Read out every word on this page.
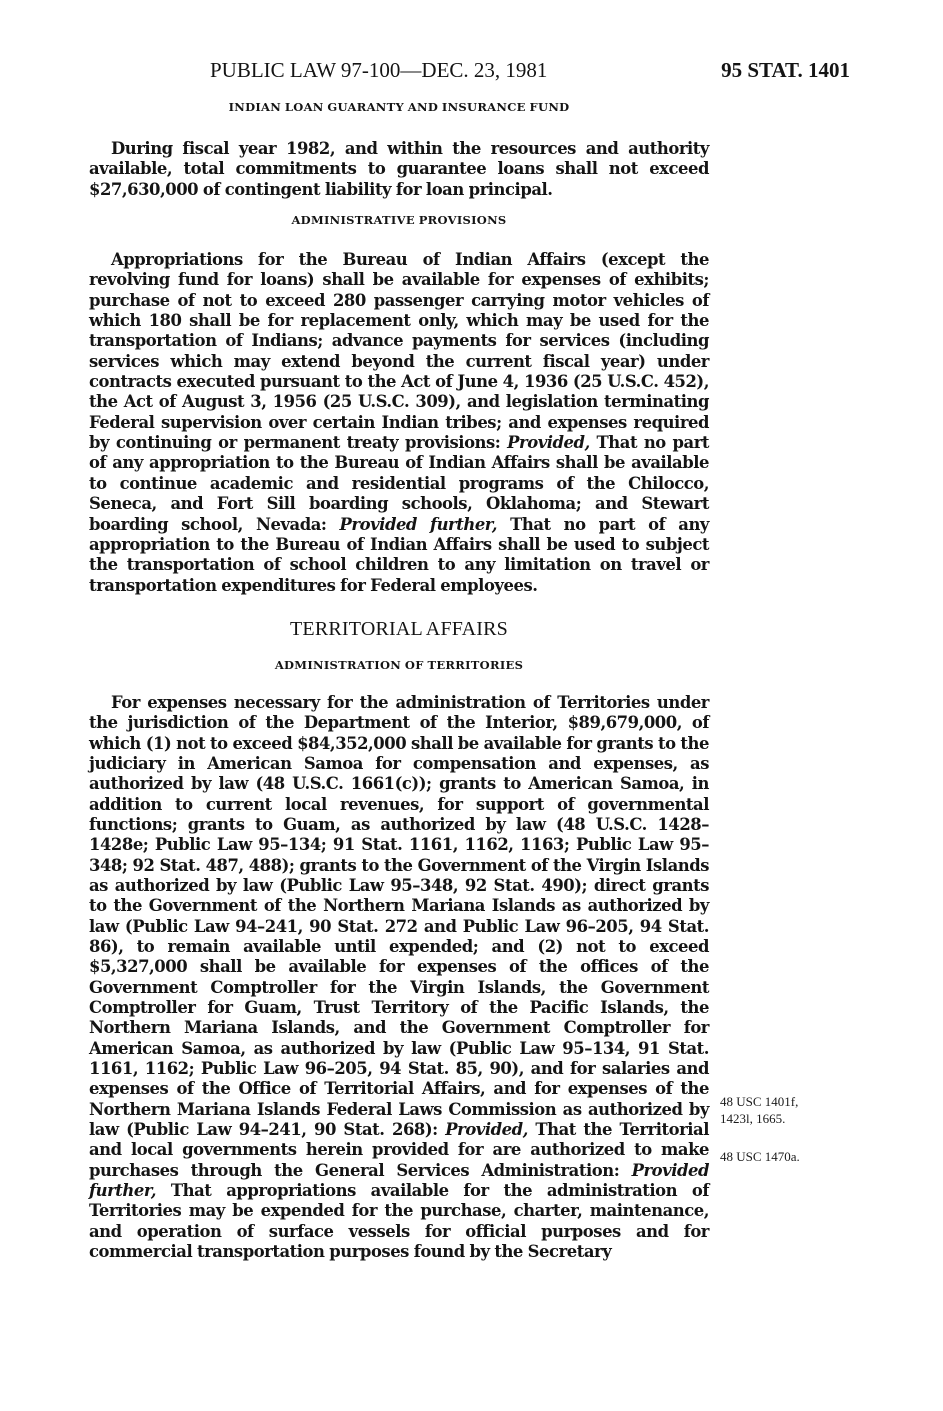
PUBLIC LAW 97-100—DEC. 23, 1981	95 STAT. 1401
INDIAN LOAN GUARANTY AND INSURANCE FUND

During fiscal year 1982, and within the resources and authority available, total commitments to guarantee loans shall not exceed $27,630,000 of contingent liability for loan principal.

ADMINISTRATIVE PROVISIONS

Appropriations for the Bureau of Indian Affairs (except the revolving fund for loans) shall be available for expenses of exhibits; purchase of not to exceed 280 passenger carrying motor vehicles of which 180 shall be for replacement only, which may be used for the transportation of Indians; advance payments for services (including services which may extend beyond the current fiscal year) under contracts executed pursuant to the Act of June 4, 1936 (25 U.S.C. 452), the Act of August 3, 1956 (25 U.S.C. 309), and legislation terminating Federal supervision over certain Indian tribes; and expenses required by continuing or permanent treaty provisions: Provided, That no part of any appropriation to the Bureau of Indian Affairs shall be available to continue academic and residential programs of the Chilocco, Seneca, and Fort Sill boarding schools, Oklahoma; and Stewart boarding school, Nevada: Provided further, That no part of any appropriation to the Bureau of Indian Affairs shall be used to subject the transportation of school children to any limitation on travel or transportation expenditures for Federal employees.

TERRITORIAL AFFAIRS
ADMINISTRATION OF TERRITORIES

For expenses necessary for the administration of Territories under the jurisdiction of the Department of the Interior, $89,679,000, of which (1) not to exceed $84,352,000 shall be available for grants to the judiciary in American Samoa for compensation and expenses, as authorized by law (48 U.S.C. 1661(c)); grants to American Samoa, in addition to current local revenues, for support of governmental functions; grants to Guam, as authorized by law (48 U.S.C. 1428–1428e; Public Law 95–134; 91 Stat. 1161, 1162, 1163; Public Law 95–348; 92 Stat. 487, 488); grants to the Government of the Virgin Islands as authorized by law (Public Law 95–348, 92 Stat. 490); direct grants to the Government of the Northern Mariana Islands as authorized by law (Public Law 94–241, 90 Stat. 272 and Public Law 96–205, 94 Stat. 86), to remain available until expended; and (2) not to exceed $5,327,000 shall be available for expenses of the offices of the Government Comptroller for the Virgin Islands, the Government Comptroller for Guam, Trust Territory of the Pacific Islands, the Northern Mariana Islands, and the Government Comptroller for American Samoa, as authorized by law (Public Law 95–134, 91 Stat. 1161, 1162; Public Law 96–205, 94 Stat. 85, 90), and for salaries and expenses of the Office of Territorial Affairs, and for expenses of the Northern Mariana Islands Federal Laws Commission as authorized by law (Public Law 94–241, 90 Stat. 268): Provided, That the Territorial and local governments herein provided for are authorized to make purchases through the General Services Administration: Provided further, That appropriations available for the administration of Territories may be expended for the purchase, charter, maintenance, and operation of surface vessels for official purposes and for commercial transportation purposes found by the Secretary

48 USC 1401f,
1423l, 1665.
48 USC 1470a.
